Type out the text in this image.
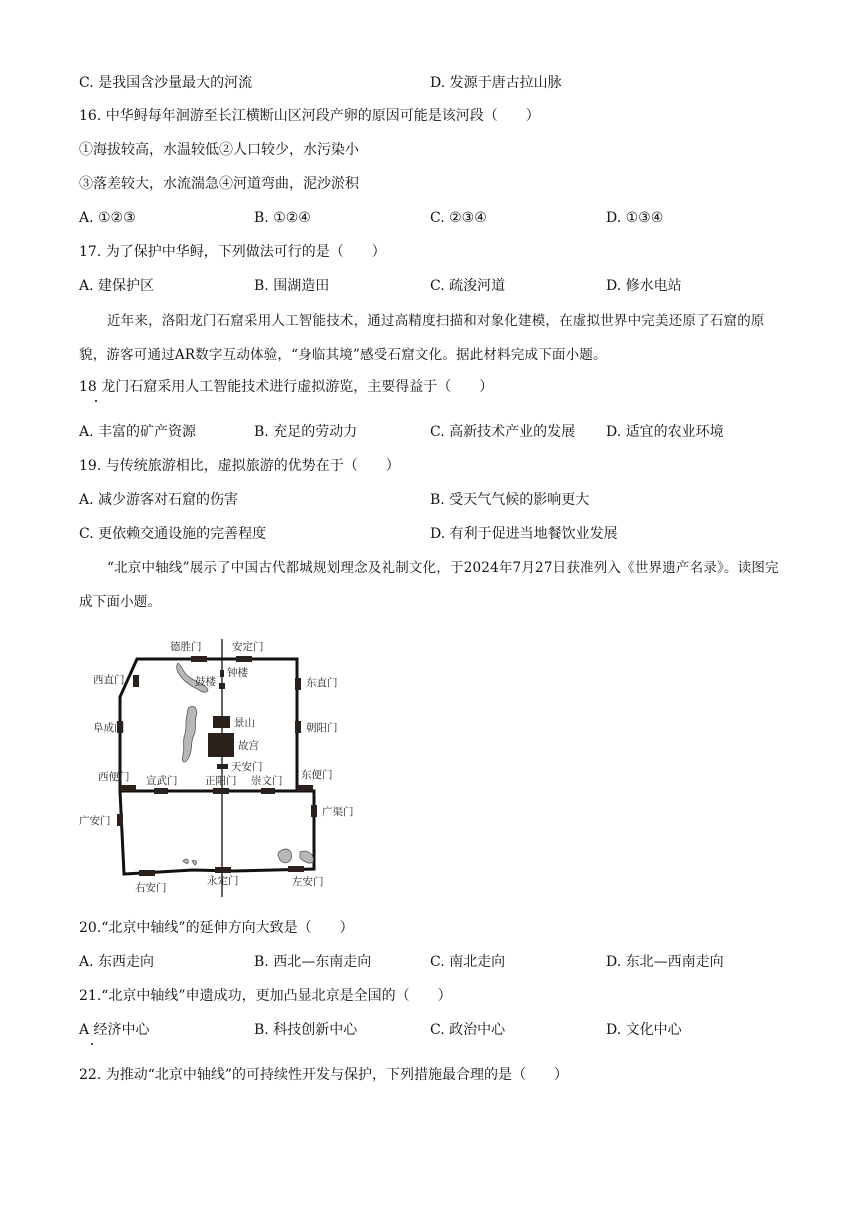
C. 是我国含沙量最大的河流	D. 发源于唐古拉山脉
16. 中华鲟每年洄游至长江横断山区河段产卵的原因可能是该河段（　　）
①海拔较高，水温较低②人口较少，水污染小
③落差较大，水流湍急④河道弯曲，泥沙淤积
A. ①②③	B. ①②④	C. ②③④	D. ①③④
17. 为了保护中华鲟，下列做法可行的是（　　）
A. 建保护区	B. 围湖造田	C. 疏浚河道	D. 修水电站
近年来，洛阳龙门石窟采用人工智能技术，通过高精度扫描和对象化建模，在虚拟世界中完美还原了石窟的原貌，游客可通过AR数字互动体验，“身临其境”感受石窟文化。据此材料完成下面小题。
18 龙门石窟采用人工智能技术进行虚拟游览，主要得益于（　　）
A. 丰富的矿产资源	B. 充足的劳动力	C. 高新技术产业的发展 D. 适宜的农业环境
19. 与传统旅游相比，虚拟旅游的优势在于（　　）
A. 减少游客对石窟的伤害	B. 受天气气候的影响更大
C. 更依赖交通设施的完善程度	D. 有利于促进当地餐饮业发展
“北京中轴线”展示了中国古代都城规划理念及礼制文化，于2024年7月27日获准列入《世界遗产名录》。读图完成下面小题。
德胜门	安定门
钟楼
鼓楼
西直门	东直门
阜成门	朝阳门
景山
故宫
天安门
西便门	东便门
宣武门	正阳门 崇文门
广安门
广渠门
右安门
永定门	左安门
20.“北京中轴线”的延伸方向大致是（　　）
A. 东西走向	B. 西北—东南走向	C. 南北走向	D. 东北—西南走向
21.“北京中轴线”申遗成功，更加凸显北京是全国的（　　）
A 经济中心	B. 科技创新中心	C. 政治中心	D. 文化中心
22. 为推动“北京中轴线”的可持续性开发与保护，下列措施最合理的是（　　）
